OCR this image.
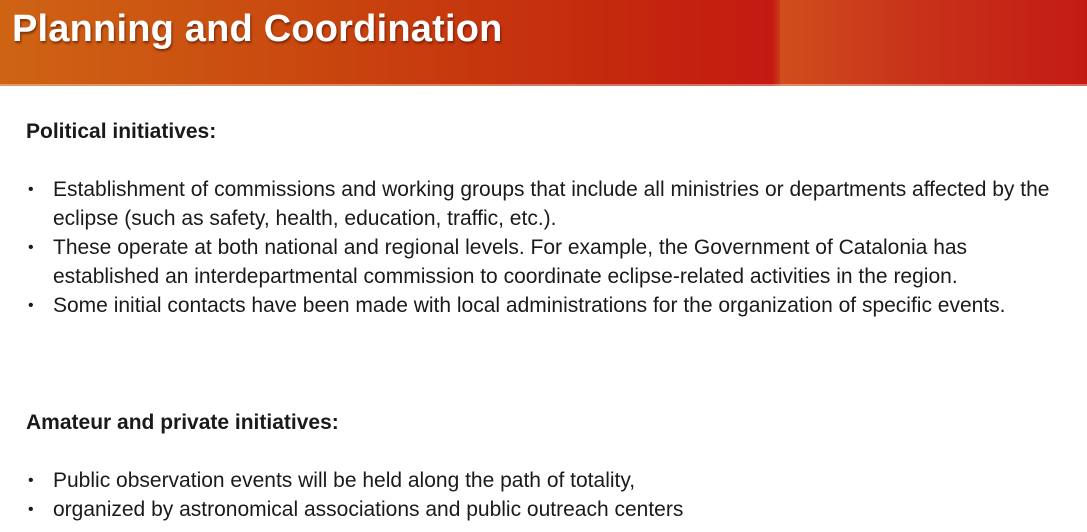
Planning and Coordination
Political initiatives:
• Establishment of commissions and working groups that include all ministries or departments affected by the eclipse (such as safety, health, education, traffic, etc.).
• These operate at both national and regional levels. For example, the Government of Catalonia has established an interdepartmental commission to coordinate eclipse-related activities in the region.
• Some initial contacts have been made with local administrations for the organization of specific events.
Amateur and private initiatives:
• Public observation events will be held along the path of totality,
• organized by astronomical associations and public outreach centers
